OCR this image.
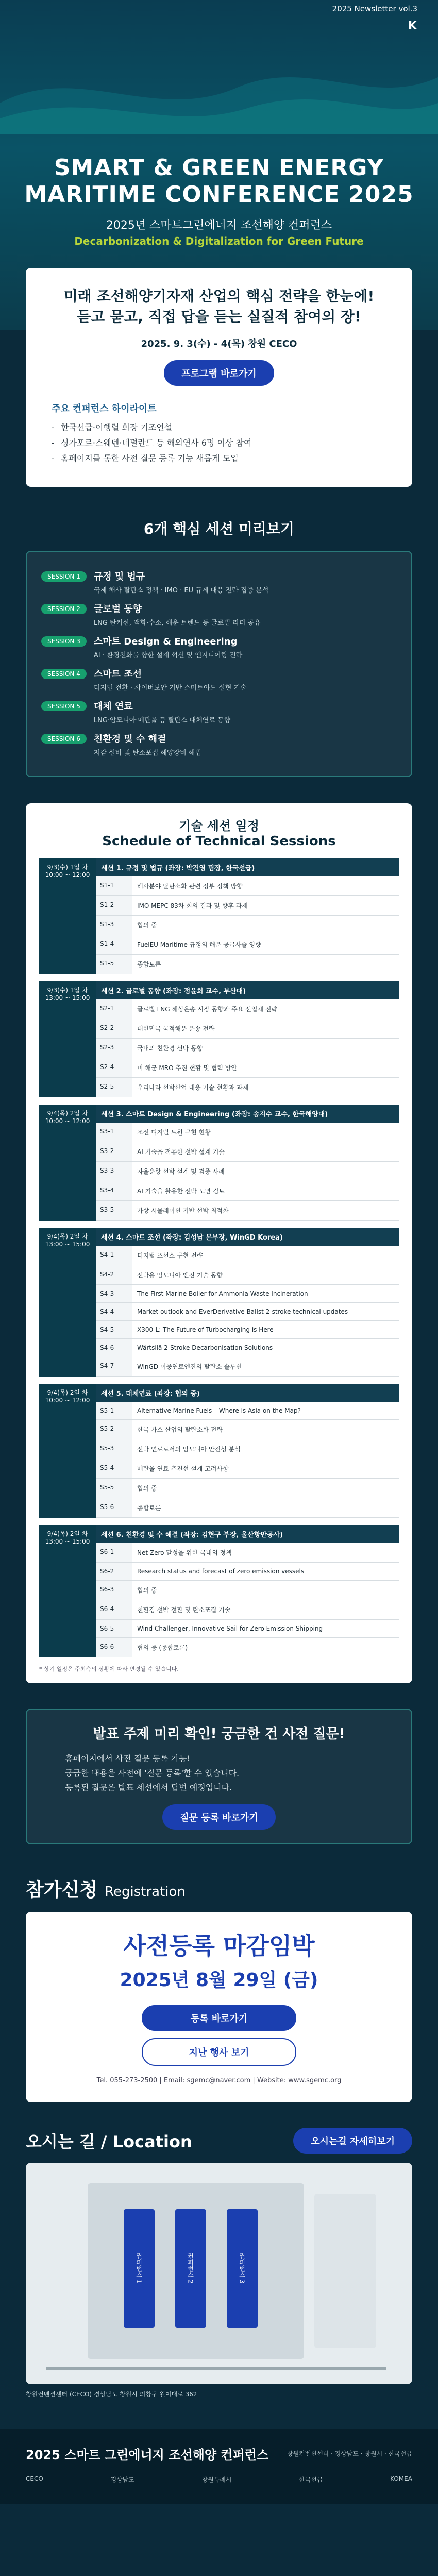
2025 Newsletter vol.3
K
SMART & GREEN ENERGY
MARITIME CONFERENCE 2025
2025년 스마트그린에너지 조선해양 컨퍼런스
Decarbonization & Digitalization for Green Future
미래 조선해양기자재 산업의 핵심 전략을 한눈에!
듣고 묻고, 직접 답을 듣는 실질적 참여의 장!
2025. 9. 3(수) - 4(목) 창원 CECO
프로그램 바로가기
주요 컨퍼런스 하이라이트
- 한국선급·이행렬 회장 기조연설
- 싱가포르·스웨덴·네덜란드 등 해외연사 6명 이상 참여
- 홈페이지를 통한 사전 질문 등록 기능 새롭게 도입
6개 핵심 세션 미리보기
SESSION 1	규정 및 법규
국제 해사 탈탄소 정책 · IMO · EU 규제 대응 전략 집중 분석
SESSION 2	글로벌 동향
LNG 탄커선, 액화·수소, 해운 트렌드 등 글로벌 리더 공유
SESSION 3	스마트 Design & Engineering
AI · 환경친화를 향한 설계 혁신 및 엔지니어링 전략
SESSION 4	스마트 조선
디지털 전환 · 사이버보안 기반 스마트야드 실현 기술
SESSION 5	대체 연료
LNG·암모니아·메탄올 등 탈탄소 대체연료 동향
SESSION 6	친환경 및 수 해결
저감 설비 및 탄소포집 해양장비 해법
기술 세션 일정
Schedule of Technical Sessions
9/3(수) 1일 차 10:00 ~ 12:00
세션 1. 규정 및 법규 (좌장: 박건영 팀장, 한국선급)
S1-1	해사분야 탈탄소화 관련 정부 정책 방향
S1-2	IMO MEPC 83차 회의 결과 및 향후 과제
S1-3	협의 중
S1-4	FuelEU Maritime 규정의 해운 공급사슬 영향
S1-5	종합토론
9/3(수) 1일 차 13:00 ~ 15:00
세션 2. 글로벌 동향 (좌장: 정윤희 교수, 부산대)
S2-1	글로벌 LNG 해상운송 시장 동향과 주요 선업체 전략
S2-2	대한민국 국적해운 운송 전략
S2-3	국내외 친환경 선박 동향
S2-4	미 해군 MRO 추진 현황 및 협력 방안
S2-5	우리나라 선박산업 대응 기술 현황과 과제
9/4(목) 2일 차 10:00 ~ 12:00
세션 3. 스마트 Design & Engineering (좌장: 송지수 교수, 한국해양대)
S3-1	조선 디지털 트윈 구현 현황
S3-2	AI 기술을 적용한 선박 설계 기술
S3-3	자율운항 선박 설계 및 검증 사례
S3-4	AI 기술을 활용한 선박 도면 검토
S3-5	가상 시뮬레이션 기반 선박 최적화
9/4(목) 2일 차 13:00 ~ 15:00
세션 4. 스마트 조선 (좌장: 김성남 본부장, WinGD Korea)
S4-1	디지털 조선소 구현 전략
S4-2	선박용 암모니아 엔진 기술 동향
S4-3	The First Marine Boiler for Ammonia Waste Incineration
S4-4	Market outlook and EverDerivative Ballst 2-stroke technical updates
S4-5	X300-L: The Future of Turbocharging is Here
S4-6	Wärtsilä 2-Stroke Decarbonisation Solutions
S4-7	WinGD 이중연료엔진의 탈탄소 솔루션
9/4(목) 2일 차 10:00 ~ 12:00
세션 5. 대체연료 (좌장: 협의 중)
S5-1	Alternative Marine Fuels – Where is Asia on the Map?
S5-2	한국 가스 산업의 탈탄소화 전략
S5-3	선박 연료로서의 암모니아 안전성 분석
S5-4	메탄올 연료 추진선 설계 고려사항
S5-5	협의 중
S5-6	종합토론
9/4(목) 2일 차 13:00 ~ 15:00
세션 6. 친환경 및 수 해결 (좌장: 김현구 부장, 울산항만공사)
S6-1	Net Zero 달성을 위한 국내외 정책
S6-2	Research status and forecast of zero emission vessels
S6-3	협의 중
S6-4	친환경 선박 전환 및 탄소포집 기술
S6-5	Wind Challenger, Innovative Sail for Zero Emission Shipping
S6-6	협의 중 (종합토론)
* 상기 일정은 주최측의 상황에 따라 변경될 수 있습니다.
발표 주제 미리 확인! 궁금한 건 사전 질문!
홈페이지에서 사전 질문 등록 가능!
궁금한 내용을 사전에 '질문 등록'할 수 있습니다.
등록된 질문은 발표 세션에서 답변 예정입니다.
질문 등록 바로가기
참가신청 Registration
사전등록 마감임박
2025년 8월 29일 (금)
등록 바로가기
지난 행사 보기
Tel. 055-273-2500 | Email: sgemc@naver.com | Website: www.sgemc.org
오시는 길 / Location	오시는길 자세히보기
컨퍼런스 1	컨퍼런스 2	컨퍼런스 3
창원컨벤션센터 (CECO) 경상남도 창원시 의창구 원이대로 362
2025 스마트 그린에너지 조선해양 컨퍼런스	창원컨벤션센터 · 경상남도 · 창원시 · 한국선급
CECO	경상남도	창원특례시	한국선급	KOMEA
